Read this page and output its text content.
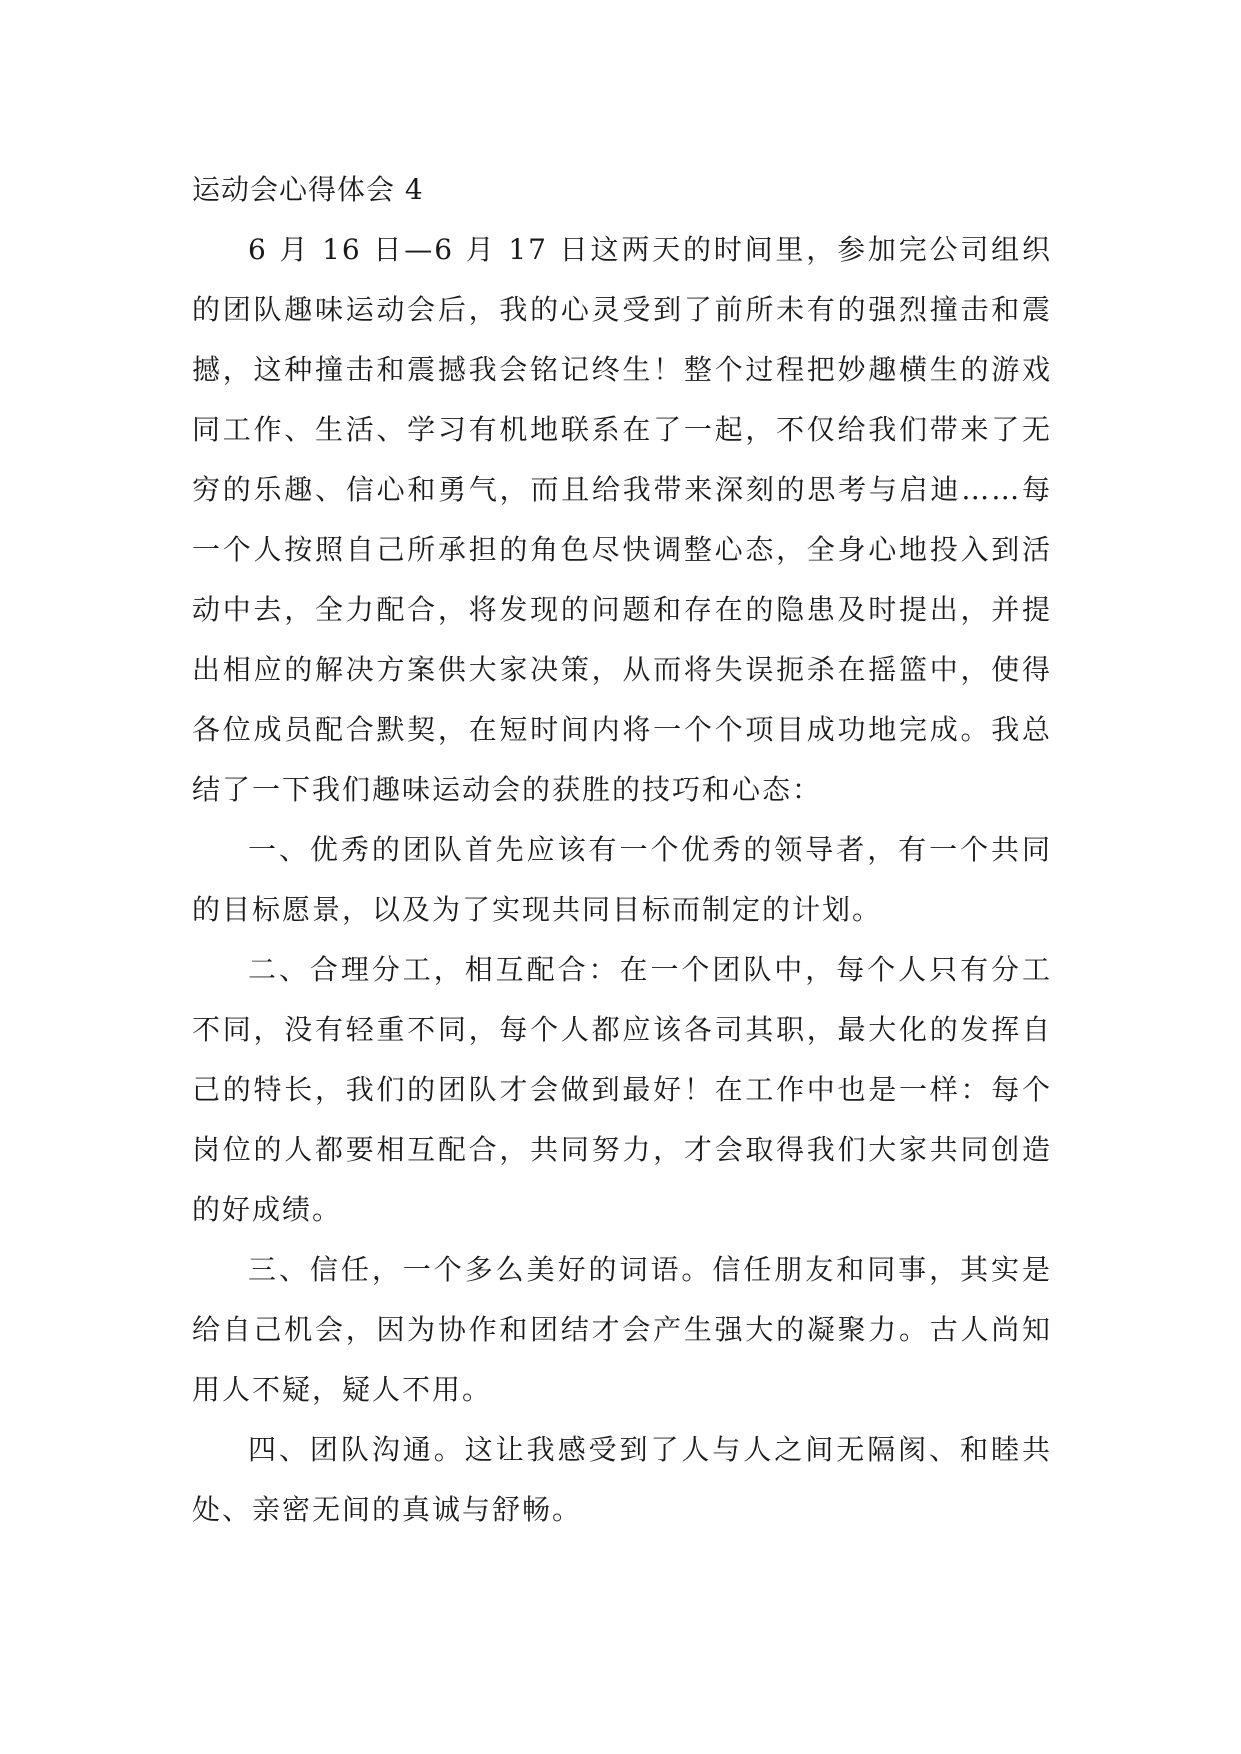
运动会心得体会 4

6 月 16 日—6 月 17 日这两天的时间里，参加完公司组织的团队趣味运动会后，我的心灵受到了前所未有的强烈撞击和震撼，这种撞击和震撼我会铭记终生！整个过程把妙趣横生的游戏同工作、生活、学习有机地联系在了一起，不仅给我们带来了无穷的乐趣、信心和勇气，而且给我带来深刻的思考与启迪……每一个人按照自己所承担的角色尽快调整心态，全身心地投入到活动中去，全力配合，将发现的问题和存在的隐患及时提出，并提出相应的解决方案供大家决策，从而将失误扼杀在摇篮中，使得各位成员配合默契，在短时间内将一个个项目成功地完成。我总结了一下我们趣味运动会的获胜的技巧和心态：

一、优秀的团队首先应该有一个优秀的领导者，有一个共同的目标愿景，以及为了实现共同目标而制定的计划。

二、合理分工，相互配合：在一个团队中，每个人只有分工不同，没有轻重不同，每个人都应该各司其职，最大化的发挥自己的特长，我们的团队才会做到最好！在工作中也是一样：每个岗位的人都要相互配合，共同努力，才会取得我们大家共同创造的好成绩。

三、信任，一个多么美好的词语。信任朋友和同事，其实是给自己机会，因为协作和团结才会产生强大的凝聚力。古人尚知用人不疑，疑人不用。

四、团队沟通。这让我感受到了人与人之间无隔阂、和睦共处、亲密无间的真诚与舒畅。
